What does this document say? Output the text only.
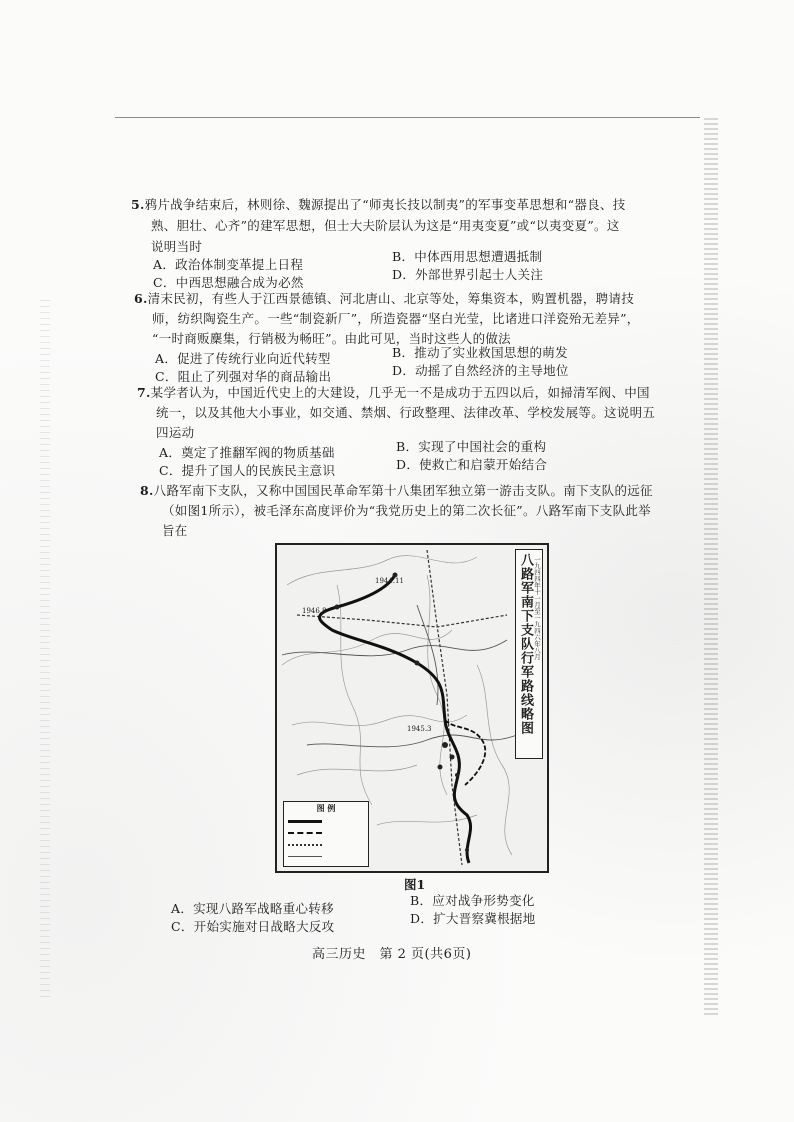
5.鸦片战争结束后，林则徐、魏源提出了“师夷长技以制夷”的军事变革思想和“器良、技
熟、胆壮、心齐”的建军思想，但士大夫阶层认为这是“用夷变夏”或“以夷变夏”。这
说明当时
A．政治体制变革提上日程
B．中体西用思想遭遇抵制
C．中西思想融合成为必然
D．外部世界引起士人关注
6.清末民初，有些人于江西景德镇、河北唐山、北京等处，筹集资本，购置机器，聘请技
师，纺织陶瓷生产。一些“制瓷新厂”，所造瓷器“坚白光莹，比诸进口洋瓷殆无差异”，
“一时商贩麇集，行销极为畅旺”。由此可见，当时这些人的做法
A．促进了传统行业向近代转型	B．推动了实业救国思想的萌发
C．阻止了列强对华的商品输出	D．动摇了自然经济的主导地位
7.某学者认为，中国近代史上的大建设，几乎无一不是成功于五四以后，如掃清军阀、中国
统一，以及其他大小事业，如交通、禁烟、行政整理、法律改革、学校发展等。这说明五
四运动
A．奠定了推翻军阀的物质基础	B．实现了中国社会的重构
C．提升了国人的民族民主意识	D．使救亡和启蒙开始结合
8.八路军南下支队，又称中国国民革命军第十八集团军独立第一游击支队。南下支队的远征
（如图1所示），被毛泽东高度评价为“我党历史上的第二次长征”。八路军南下支队此举
旨在
1944.11
1946.8
1945.3	八路军南下支队行军路线略图 一九四四年十一月至一九四六年八月
图 例
图1
A．实现八路军战略重心转移
B．应对战争形势变化
C．开始实施对日战略大反攻
D．扩大晋察冀根据地
高三历史　第 2 页(共6页)
